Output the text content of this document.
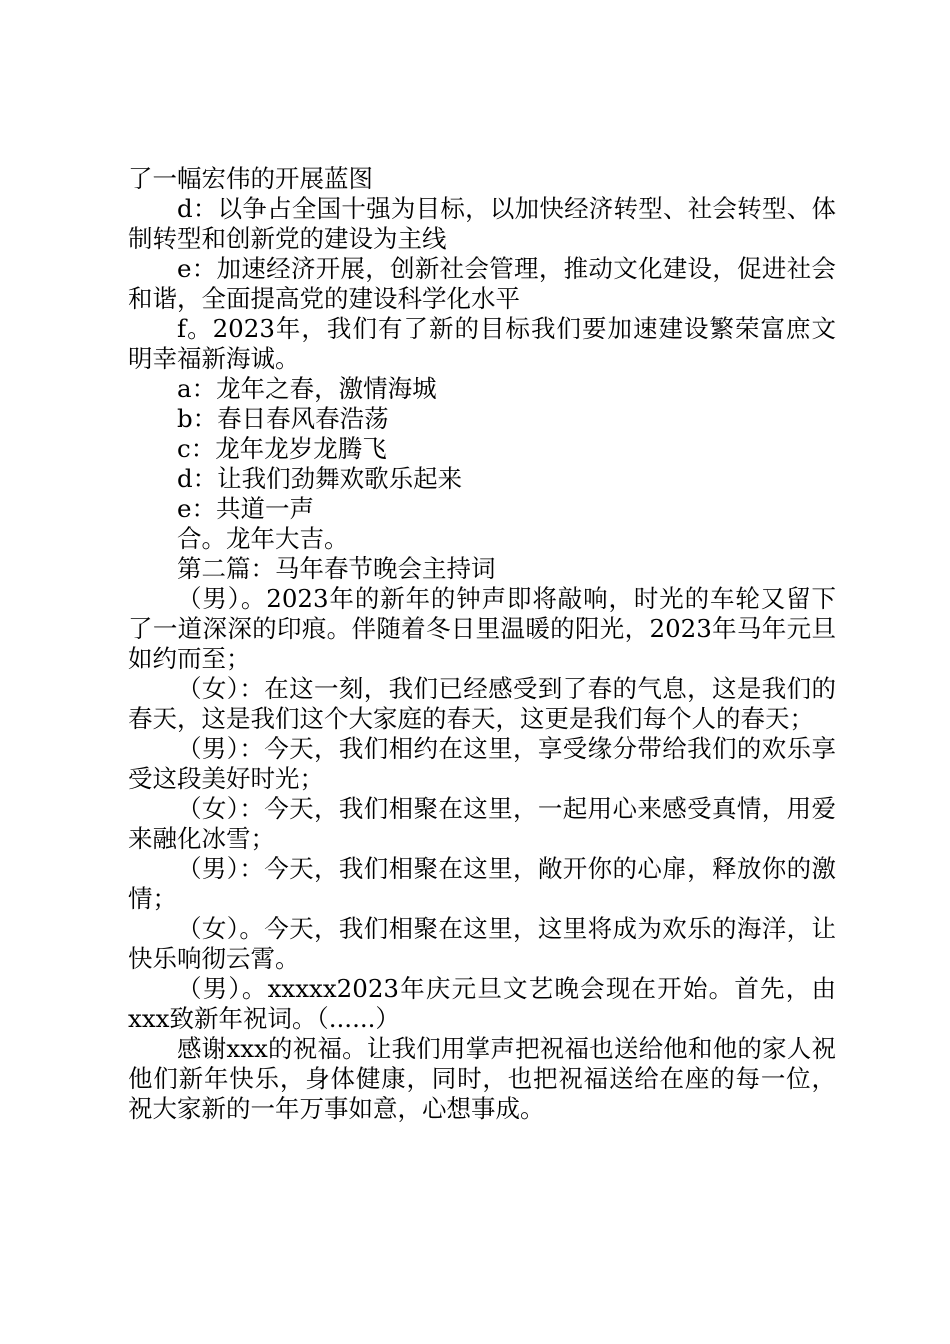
了一幅宏伟的开展蓝图

d：以争占全国十强为目标，以加快经济转型、社会转型、体制转型和创新党的建设为主线

e：加速经济开展，创新社会管理，推动文化建设，促进社会和谐，全面提高党的建设科学化水平

f。2023年，我们有了新的目标我们要加速建设繁荣富庶文明幸福新海诚。

a：龙年之春，激情海城

b：春日春风春浩荡

c：龙年龙岁龙腾飞

d：让我们劲舞欢歌乐起来

e：共道一声

合。龙年大吉。

第二篇：马年春节晚会主持词

（男）。2023年的新年的钟声即将敲响，时光的车轮又留下了一道深深的印痕。伴随着冬日里温暖的阳光，2023年马年元旦如约而至；

（女）：在这一刻，我们已经感受到了春的气息，这是我们的春天，这是我们这个大家庭的春天，这更是我们每个人的春天；

（男）：今天，我们相约在这里，享受缘分带给我们的欢乐享受这段美好时光；

（女）：今天，我们相聚在这里，一起用心来感受真情，用爱来融化冰雪；

（男）：今天，我们相聚在这里，敞开你的心扉，释放你的激情；

（女）。今天，我们相聚在这里，这里将成为欢乐的海洋，让快乐响彻云霄。

（男）。xxxxx2023年庆元旦文艺晚会现在开始。首先，由xxx致新年祝词。（......）

感谢xxx的祝福。让我们用掌声把祝福也送给他和他的家人祝他们新年快乐，身体健康，同时，也把祝福送给在座的每一位，祝大家新的一年万事如意，心想事成。
